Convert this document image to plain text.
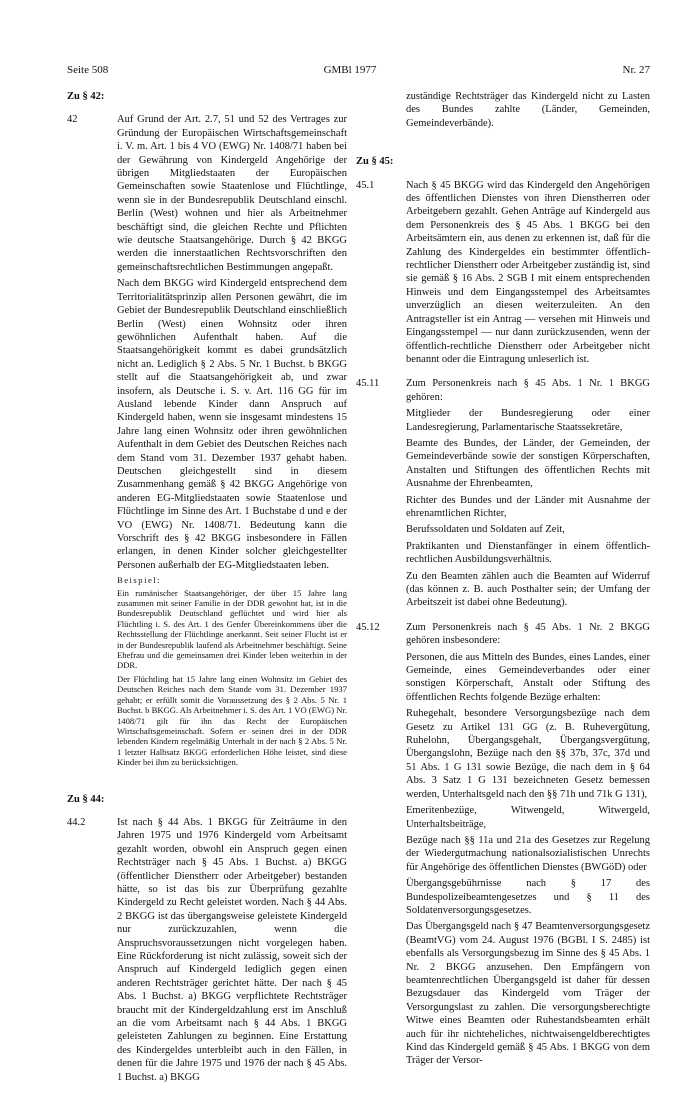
Seite 508	GMBl 1977	Nr. 27
Zu § 42:
42	Auf Grund der Art. 2.7, 51 und 52 des Vertrages zur Gründung der Europäischen Wirtschaftsgemeinschaft i. V. m. Art. 1 bis 4 VO (EWG) Nr. 1408/71 haben bei der Gewährung von Kindergeld Angehörige der übrigen Mitgliedstaaten der Europäischen Gemeinschaften sowie Staatenlose und Flüchtlinge, wenn sie in der Bundesrepublik Deutschland einschl. Berlin (West) wohnen und hier als Arbeitnehmer beschäftigt sind, die gleichen Rechte und Pflichten wie deutsche Staatsangehörige. Durch § 42 BKGG werden die innerstaatlichen Rechtsvorschriften den gemeinschaftsrechtlichen Bestimmungen angepaßt.

Nach dem BKGG wird Kindergeld entsprechend dem Territorialitätsprinzip allen Personen gewährt, die im Gebiet der Bundesrepublik Deutschland einschließlich Berlin (West) einen Wohnsitz oder ihren gewöhnlichen Aufenthalt haben. Auf die Staatsangehörigkeit kommt es dabei grundsätzlich nicht an. Lediglich § 2 Abs. 5 Nr. 1 Buchst. b BKGG stellt auf die Staatsangehörigkeit ab, und zwar insofern, als Deutsche i. S. v. Art. 116 GG für im Ausland lebende Kinder dann Anspruch auf Kindergeld haben, wenn sie insgesamt mindestens 15 Jahre lang einen Wohnsitz oder ihren gewöhnlichen Aufenthalt in dem Gebiet des Deutschen Reiches nach dem Stand vom 31. Dezember 1937 gehabt haben. Deutschen gleichgestellt sind in diesem Zusammenhang gemäß § 42 BKGG Angehörige von anderen EG-Mitgliedstaaten sowie Staatenlose und Flüchtlinge im Sinne des Art. 1 Buchstabe d und e der VO (EWG) Nr. 1408/71. Bedeutung kann die Vorschrift des § 42 BKGG insbesondere in Fällen erlangen, in denen Kinder solcher gleichgestellter Personen außerhalb der EG-Mitgliedstaaten leben.

Beispiel:

Ein rumänischer Staatsangehöriger, der über 15 Jahre lang zusammen mit seiner Familie in der DDR gewohnt hat, ist in die Bundesrepublik Deutschland geflüchtet und wird hier als Flüchtling i. S. des Art. 1 des Genfer Übereinkommens über die Rechtsstellung der Flüchtlinge anerkannt. Seit seiner Flucht ist er in der Bundesrepublik laufend als Arbeitnehmer beschäftigt. Seine Ehefrau und die gemeinsamen drei Kinder leben weiterhin in der DDR.

Der Flüchtling hat 15 Jahre lang einen Wohnsitz im Gebiet des Deutschen Reiches nach dem Stande vom 31. Dezember 1937 gehabt; er erfüllt somit die Voraussetzung des § 2 Abs. 5 Nr. 1 Buchst. b BKGG. Als Arbeitnehmer i. S. des Art. 1 VO (EWG) Nr. 1408/71 gilt für ihn das Recht der Europäischen Wirtschaftsgemeinschaft. Sofern er seinen drei in der DDR lebenden Kindern regelmäßig Unterhalt in der nach § 2 Abs. 5 Nr. 1 letzter Halbsatz BKGG erforderlichen Höhe leistet, sind diese Kinder bei ihm zu berücksichtigen.

Zu § 44:
44.2	Ist nach § 44 Abs. 1 BKGG für Zeiträume in den Jahren 1975 und 1976 Kindergeld vom Arbeitsamt gezahlt worden, obwohl ein Anspruch gegen einen Rechtsträger nach § 45 Abs. 1 Buchst. a) BKGG (öffentlicher Dienstherr oder Arbeitgeber) bestanden hätte, so ist das bis zur Überprüfung gezahlte Kindergeld zu Recht geleistet worden. Nach § 44 Abs. 2 BKGG ist das übergangsweise geleistete Kindergeld nur zurückzuzahlen, wenn die Anspruchsvoraussetzungen nicht vorgelegen haben. Eine Rückforderung ist nicht zulässig, soweit sich der Anspruch auf Kindergeld lediglich gegen einen anderen Rechtsträger gerichtet hätte. Der nach § 45 Abs. 1 Buchst. a) BKGG verpflichtete Rechtsträger braucht mit der Kindergeldzahlung erst im Anschluß an die vom Arbeitsamt nach § 44 Abs. 1 BKGG geleisteten Zahlungen zu beginnen. Eine Erstattung des Kindergeldes unterbleibt auch in den Fällen, in denen für die Jahre 1975 und 1976 der nach § 45 Abs. 1 Buchst. a) BKGG

zuständige Rechtsträger das Kindergeld nicht zu Lasten des Bundes zahlte (Länder, Gemeinden, Gemeindeverbände).

Zu § 45:
45.1	Nach § 45 BKGG wird das Kindergeld den Angehörigen des öffentlichen Dienstes von ihren Dienstherren oder Arbeitgebern gezahlt. Gehen Anträge auf Kindergeld aus dem Personenkreis des § 45 Abs. 1 BKGG bei den Arbeitsämtern ein, aus denen zu erkennen ist, daß für die Zahlung des Kindergeldes ein bestimmter öffentlich-rechtlicher Dienstherr oder Arbeitgeber zuständig ist, sind sie gemäß § 16 Abs. 2 SGB I mit einem entsprechenden Hinweis und dem Eingangsstempel des Arbeitsamtes unverzüglich an diesen weiterzuleiten. An den Antragsteller ist ein Antrag — versehen mit Hinweis und Eingangsstempel — nur dann zurückzusenden, wenn der öffentlich-rechtliche Dienstherr oder Arbeitgeber nicht benannt oder die Eintragung unleserlich ist.

45.11	Zum Personenkreis nach § 45 Abs. 1 Nr. 1 BKGG gehören:

Mitglieder der Bundesregierung oder einer Landesregierung, Parlamentarische Staatssekretäre,

Beamte des Bundes, der Länder, der Gemeinden, der Gemeindeverbände sowie der sonstigen Körperschaften, Anstalten und Stiftungen des öffentlichen Rechts mit Ausnahme der Ehrenbeamten,

Richter des Bundes und der Länder mit Ausnahme der ehrenamtlichen Richter,

Berufssoldaten und Soldaten auf Zeit,

Praktikanten und Dienstanfänger in einem öffentlich-rechtlichen Ausbildungsverhältnis.

Zu den Beamten zählen auch die Beamten auf Widerruf (das können z. B. auch Posthalter sein; der Umfang der Arbeitszeit ist dabei ohne Bedeutung).

45.12	Zum Personenkreis nach § 45 Abs. 1 Nr. 2 BKGG gehören insbesondere:

Personen, die aus Mitteln des Bundes, eines Landes, einer Gemeinde, eines Gemeindeverbandes oder einer sonstigen Körperschaft, Anstalt oder Stiftung des öffentlichen Rechts folgende Bezüge erhalten:

Ruhegehalt, besondere Versorgungsbezüge nach dem Gesetz zu Artikel 131 GG (z. B. Ruhevergütung, Ruhelohn, Übergangsgehalt, Übergangsvergütung, Übergangslohn, Bezüge nach den §§ 37b, 37c, 37d und 51 Abs. 1 G 131 sowie Bezüge, die nach dem in § 64 Abs. 3 Satz 1 G 131 bezeichneten Gesetz bemessen werden, Unterhaltsgeld nach den §§ 71h und 71k G 131),

Emeritenbezüge, Witwengeld, Witwergeld, Unterhaltsbeiträge,

Bezüge nach §§ 11a und 21a des Gesetzes zur Regelung der Wiedergutmachung nationalsozialistischen Unrechts für Angehörige des öffentlichen Dienstes (BWGöD) oder

Übergangsgebührnisse nach § 17 des Bundespolizeibeamtengesetzes und § 11 des Soldatenversorgungsgesetzes.

Das Übergangsgeld nach § 47 Beamtenversorgungsgesetz (BeamtVG) vom 24. August 1976 (BGBl. I S. 2485) ist ebenfalls als Versorgungsbezug im Sinne des § 45 Abs. 1 Nr. 2 BKGG anzusehen. Den Empfängern von beamtenrechtlichen Übergangsgeld ist daher für dessen Bezugsdauer das Kindergeld vom Träger der Versorgungslast zu zahlen. Die versorgungsberechtigte Witwe eines Beamten oder Ruhestandsbeamten erhält auch für ihr nichteheliches, nichtwaisengeldberechtigtes Kind das Kindergeld gemäß § 45 Abs. 1 BKGG von dem Träger der Versor-
